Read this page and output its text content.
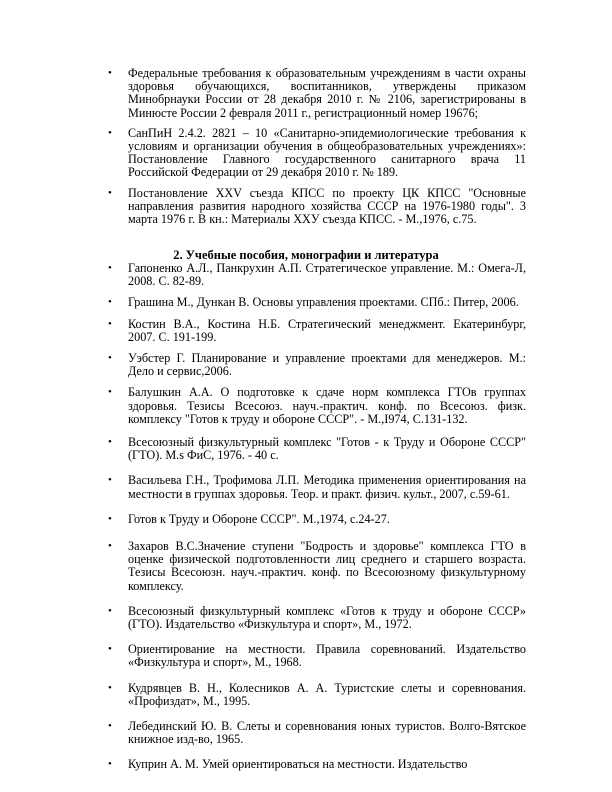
• Федеральные требования к образовательным учреждениям в части охраны здоровья обучающихся, воспитанников, утверждены приказом Минобрнауки России от 28 декабря 2010 г. № 2106, зарегистрированы в Минюсте России 2 февраля 2011 г., регистрационный номер 19676;
• СанПиН 2.4.2. 2821 – 10 «Санитарно-эпидемиологические требования к условиям и организации обучения в общеобразовательных учреждениях»: Постановление Главного государственного санитарного врача 11 Российской Федерации от 29 декабря 2010 г. № 189.
• Постановление XXV съезда КПСС по проекту ЦК КПСС "Основные направления развития народного хозяйства СССР на 1976-1980 годы". 3 марта 1976 г. В кн.: Материалы XXУ съезда КПСС. - М.,1976, с.75.
2. Учебные пособия, монографии и литература
• Гапоненко А.Л., Панкрухин А.П. Стратегическое управление. М.: Омега-Л, 2008. С. 82-89.
• Грашина М., Дункан В. Основы управления проектами. СПб.: Питер, 2006.
• Костин В.А., Костина Н.Б. Стратегический менеджмент. Екатеринбург, 2007. С. 191-199.
• Уэбстер Г. Планирование и управление проектами для менеджеров. М.: Дело и сервис,2006.
• Балушкин А.А. О подготовке к сдаче норм комплекса ГТОв группах здоровья. Тезисы Всесоюз. науч.-практич. конф. по Всесоюз. физк. комплексу "Готов к труду и обороне СССР". - М.,I974, С.131-132.
• Всесоюзный физкультурный комплекс "Готов - к Труду и Обороне СССР" (ГТО). M.s ФиС, 1976. - 40 с.
• Васильева Г.Н., Трофимова Л.П. Методика применения ориентирования на местности в группах здоровья. Теор. и практ. физич. культ., 2007, с.59-61.
• Готов к Труду и Обороне СССР". М.,1974, с.24-27.
• Захаров В.С.Значение ступени "Бодрость и здоровье" комплекса ГТО в оценке физической подготовленности лиц среднего и старшего возраста. Тезисы Всесоюзн. науч.-практич. конф. по Всесоюзному физкультурному комплексу.
• Всесоюзный физкультурный комплекс «Готов к труду и обороне СССР» (ГТО). Издательство «Физкультура и спорт», М., 1972.
• Ориентирование на местности. Правила соревнований. Издательство «Физкультура и спорт», М., 1968.
• Кудрявцев В. Н., Колесников А. А. Туристские слеты и соревнования. «Профиздат», М., 1995.
• Лебединский Ю. В. Слеты и соревнования юных туристов. Волго-Вятское книжное изд-во, 1965.
• Куприн А. М. Умей ориентироваться на местности. Издательство
